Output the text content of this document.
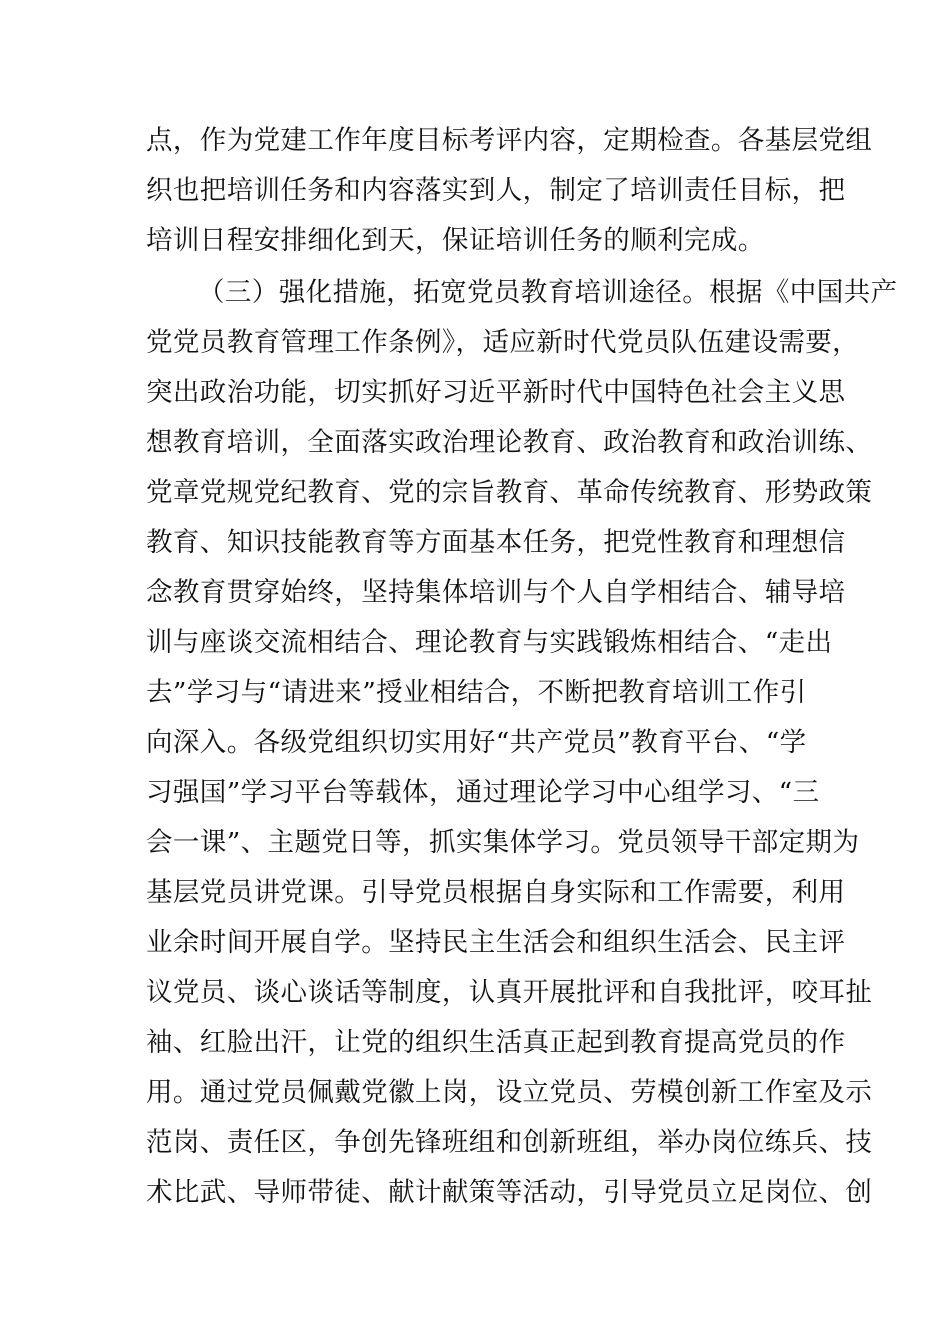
点，作为党建工作年度目标考评内容，定期检查。各基层党组
织也把培训任务和内容落实到人，制定了培训责任目标，把
培训日程安排细化到天，保证培训任务的顺利完成。
（三）强化措施，拓宽党员教育培训途径。根据《中国共产
党党员教育管理工作条例》，适应新时代党员队伍建设需要，
突出政治功能，切实抓好习近平新时代中国特色社会主义思
想教育培训，全面落实政治理论教育、政治教育和政治训练、
党章党规党纪教育、党的宗旨教育、革命传统教育、形势政策
教育、知识技能教育等方面基本任务，把党性教育和理想信
念教育贯穿始终，坚持集体培训与个人自学相结合、辅导培
训与座谈交流相结合、理论教育与实践锻炼相结合、“走出
去”学习与“请进来”授业相结合，不断把教育培训工作引
向深入。各级党组织切实用好“共产党员”教育平台、“学
习强国”学习平台等载体，通过理论学习中心组学习、“三
会一课”、主题党日等，抓实集体学习。党员领导干部定期为
基层党员讲党课。引导党员根据自身实际和工作需要，利用
业余时间开展自学。坚持民主生活会和组织生活会、民主评
议党员、谈心谈话等制度，认真开展批评和自我批评，咬耳扯
袖、红脸出汗，让党的组织生活真正起到教育提高党员的作
用。通过党员佩戴党徽上岗，设立党员、劳模创新工作室及示
范岗、责任区，争创先锋班组和创新班组，举办岗位练兵、技
术比武、导师带徒、献计献策等活动，引导党员立足岗位、创
